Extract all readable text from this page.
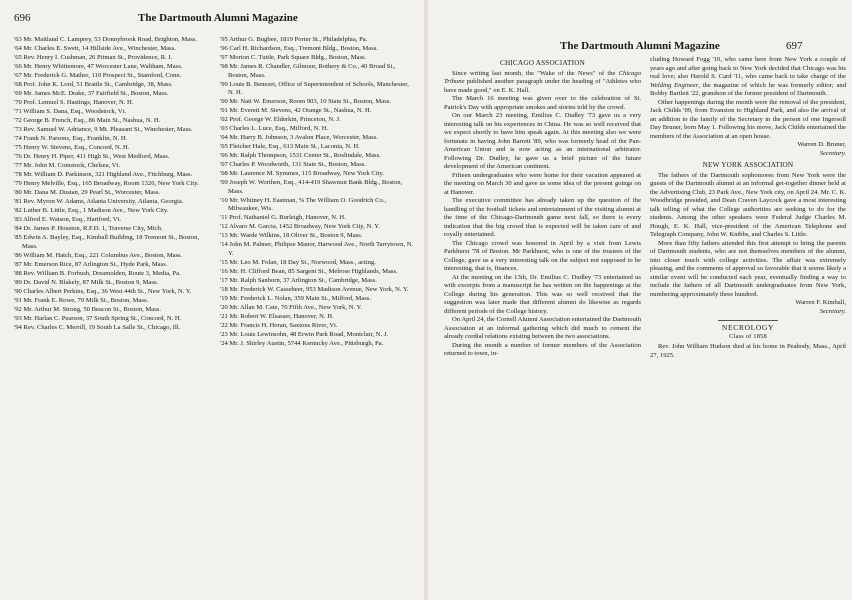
696	The Dartmouth Alumni Magazine
'63 Mr. Maitland C. Lamprey, 53 Donnybrook Road, Brighton, Mass.
'64 Mr. Charles E. Swett, 14 Hillside Ave., Winchester, Mass.
'65 Rev. Henry I. Cushman, 26 Pitman St., Providence, R. I.
'66 Mr. Henry Whittemore, 47 Worcester Lane, Waltham, Mass.
'67 Mr. Frederick G. Mather, 110 Prospect St., Stamford, Conn.
'68 Prof. John K. Lord, 51 Brattle St., Cambridge, 38, Mass.
'69 Mr. James McE. Drake, 37 Fairfield St., Boston, Mass.
'70 Prof. Lemuel S. Hastings, Hanover, N. H.
'71 William S. Dana, Esq., Woodstock, Vt.
'72 George B. French, Esq., 86 Main St., Nashua, N. H.
'73 Rev. Samuel W. Adriance, 9 Mt. Pleasant St., Winchester, Mass.
'74 Frank N. Parsons, Esq., Franklin, N. H.
'75 Henry W. Stevens, Esq., Concord, N. H.
'76 Dr. Henry H. Piper, 411 High St., West Medford, Mass.
'77 Mr. John M. Comstock, Chelsea, Vt.
'78 Mr. William D. Parkinson, 321 Highland Ave., Fitchburg, Mass.
'79 Henry Melville, Esq., 165 Broadway, Room 1326, New York City.
'80 Mr. Dana M. Dustan, 29 Pearl St., Worcester, Mass.
'81 Rev. Myron W. Adams, Atlanta University, Atlanta, Georgia.
'82 Luther B. Little, Esq., 1 Madison Ave., New York City.
'83 Alfred E. Watson, Esq., Hartford, Vt.
'84 Dr. James P. Houston, R.F.D. 1, Traverse City, Mich.
'85 Edwin A. Bayley, Esq., Kimball Building, 18 Tremont St., Boston, Mass.
'86 William M. Hatch, Esq., 221 Columbus Ave., Boston, Mass.
'87 Mr. Emerson Rice, 87 Arlington St., Hyde Park, Mass.
'88 Rev. William B. Forbush, Dreamolden, Route 3, Media, Pa.
'89 Dr. David N. Blakely, 87 Milk St., Boston 9, Mass.
'90 Charles Albert Perkins, Esq., 36 West 44th St., New York, N. Y.
'91 Mr. Frank E. Rowe, 79 Milk St., Boston, Mass.
'92 Mr. Arthur M. Strong, 50 Beacon St., Boston, Mass.
'93 Mr. Harlan C. Pearson, 37 South Spring St., Concord, N. H.
'94 Rev. Charles C. Merrill, 19 South La Salle St., Chicago, Ill.
'95 Arthur G. Bugbee, 1819 Porter St., Philadelphia, Pa.
'96 Carl H. Richardson, Esq., Tremont Bldg., Boston, Mass.
'97 Morton C. Tuttle, Park Square Bldg., Boston, Mass.
'98 Mr. James R. Chandler, Gilmour, Rothery & Co., 40 Broad St., Boston, Mass.
'99 Louis B. Benezet, Office of Superintendent of Schools, Manchester, N. H.
'00 Mr. Natt W. Emerson, Room 903, 10 State St., Boston, Mass.
'01 Mr. Everett M. Stevens, 42 Orange St., Nashua, N. H.
'02 Prof. George W. Elderkin, Princeton, N. J.
'03 Charles L. Luce, Esq., Milford, N. H.
'04 Mr. Harry B. Johnson, 3 Avalon Place, Worcester, Mass.
'05 Fletcher Hale, Esq., 613 Main St., Laconia, N. H.
'06 Mr. Ralph Thompson, 1531 Center St., Roslindale, Mass.
'07 Charles P. Woodworth, 131 State St., Boston, Mass.
'08 Mr. Laurence M. Symmes, 115 Broadway, New York City.
'09 Joseph W. Worthen, Esq., 414-419 Shawmut Bank Bldg., Boston, Mass.
'10 Mr. Whitney H. Eastman, % The William O. Goodrich Co., Milwaukee, Wis.
'11 Prof. Nathaniel G. Burleigh, Hanover, N. H.
'12 Alvaro M. Garcia, 1452 Broadway, New York City, N. Y.
'13 Mr. Warde Wilkins, 18 Oliver St., Boston 9, Mass.
'14 John M. Palmer, Philipse Manor, Harwood Ave., North Tarrytown, N. Y.
'15 Mr. Leo M. Folan, 18 Day St., Norwood, Mass., acting.
'16 Mr. H. Clifford Bean, 85 Sargent St., Melrose Highlands, Mass.
'17 Mr. Ralph Sanborn, 37 Arlington St., Cambridge, Mass.
'18 Mr. Frederick W. Cassebeer, 953 Madison Avenue, New York, N. Y.
'19 Mr. Frederick L. Nolan, 359 Main St., Milford, Mass.
'20 Mr. Allan M. Cate, 70 Fifth Ave., New York, N. Y.
'21 Mr. Robert W. Elsasser, Hanover, N. H.
'22 Mr. Francis H. Horan, Saxtons River, Vt.
'23 Mr. Louis Lewinsohn, 48 Erwin Park Road, Montclair, N. J.
'24 Mr. J. Shirley Austin, 5744 Kentucky Ave., Pittsburgh, Pa.
The Dartmouth Alumni Magazine	697
CHICAGO ASSOCIATION

Since writing last month, the "Wake of the News" of the Chicago Tribune published another paragraph under the heading of "Athletes who have made good," on E. K. Hall.

The March 16 meeting was given over to the celebration of St. Patrick's Day with appropriate smokes and stories told by the crowd.

On our March 23 meeting, Emilius C. Dudley '73 gave us a very interesting talk on his experiences in China. He was so well received that we expect shortly to have him speak again. At this meeting also we were fortunate in having John Barrett '89, who was formerly head of the Pan-American Union and is now acting as an international arbitrator. Following Dr. Dudley, he gave us a brief picture of the future development of the American continent.

Fifteen undergraduates who were home for their vacation appeared at the meeting on March 30 and gave us some idea of the present goings on at Hanover.

The executive committee has already taken up the question of the handling of the football tickets and entertainment of the visiting alumni at the time of the Chicago-Dartmouth game next fall, so there is every indication that the big crowd that is expected will be taken care of and royally entertained.

The Chicago crowd was honored in April by a visit from Lewis Parkhurst '78 of Boston. Mr Parkhurst, who is one of the trustees of the College, gave us a very interesting talk on the subject not supposed to be interesting, that is, finances.

At the meeting on the 13th, Dr. Emilius C. Dudley '73 entertained us with excerpts from a manuscript he has written on the happenings at the College during his generation. This was so well received that the suggestion was later made that different alumni do likewise as regards different periods of the College history.

On April 24, the Cornell Alumni Association entertained the Dartmouth Association at an informal gathering which did much to cement the already cordial relations existing between the two associations.

During the month a number of former members of the Association returned to town, in-

cluding Howard Fogg '10, who came here from New York a couple of years ago and after going back to New York decided that Chicago was his real love; also Harold S. Card '11, who came back to take charge of the Welding Engineer, the magazine of which he was formerly editor; and Bobby Bartlett '22, grandson of the former president of Dartmouth.

Other happenings during the month were the removal of the president, Jack Childs '09, from Evanston to Highland Park, and also the arrival of an addition to the family of the Secretary in the person of one Ingersoll Day Bruner, born May 1. Following his move, Jack Childs entertained the members of the Association at an open house.

Warren D. Bruner,
Secretary.
NEW YORK ASSOCIATION

The fathers of the Dartmouth sophomores from New York were the guests of the Dartmouth alumni at an informal get-together dinner held at the Advertising Club, 23 Park Ave., New York city, on April 24. Mr. C. K. Woodbridge presided, and Dean Craven Laycock gave a most interesting talk telling of what the College authorities are seeking to do for the students. Among the other speakers were Federal Judge Charles M. Hough, E. K. Hall, vice-president of the American Telephone and Telegraph Company, John W. Knibbs, and Charles S. Little.

More than fifty fathers attended this first attempt to bring the parents of Dartmouth students, who are not themselves members of the alumni, into closer touch with college activities. The affair was extremely pleasing, and the comments of approval so favorable that it seems likely a similar event will be conducted each year, eventually finding a way to include the fathers of all Dartmouth undergraduates from New York, numbering approximately three hundred.

Warren F. Kimball,
Secretary.
NECROLOGY
Class of 1858

Rev. John William Hudson died at his home in Peabody, Mass., April 27, 1925.
